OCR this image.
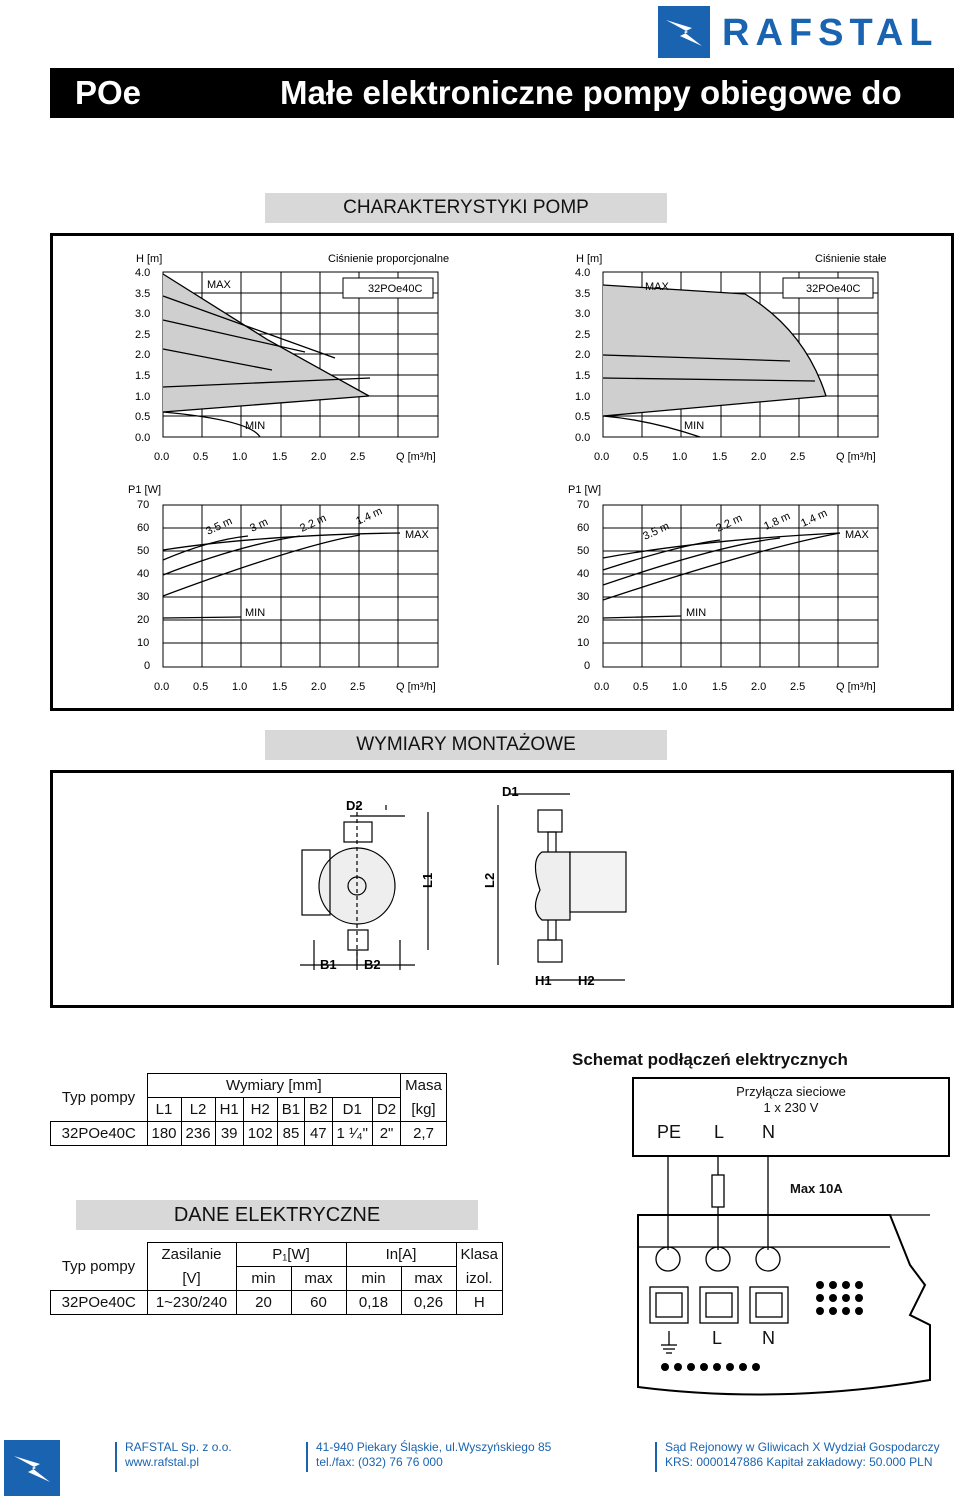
RAFSTAL
POe	Małe elektroniczne pompy obiegowe do c.o.
CHARAKTERYSTYKI POMP
32POe40C
MAX
MIN
H [m]	Ciśnienie proporcjonalne
4.0
3.5
3.0
2.5
2.0
1.5
1.0
0.5
0.0
0.0 0.5 1.0 1.5 2.0 2.5	Q [m³/h]
32POe40C
MAX
MIN
H [m]	Ciśnienie stałe
4.0
3.5
3.0
2.5
2.0
1.5
1.0
0.5
0.0
0.0 0.5 1.0 1.5 2.0 2.5	Q [m³/h]
3.5 m 3 m	2.2 m 1.4 m
MAX
MIN
P1 [W]
70
60
50
40
30
20
10
0
0.0 0.5 1.0 1.5 2.0 2.5	Q [m³/h]
3.5 m	2.2 m 1.8 m 1.4 m
MAX
MIN
P1 [W]
70
60
50
40
30
20
10
0
0.0 0.5 1.0 1.5 2.0 2.5	Q [m³/h]
WYMIARY MONTAŻOWE
D2
D1
L1	L2
B1 B2
H1 H2
Typ pompy	Wymiary [mm]								Masa
	L1	L2	H1	H2	B1	B2	D1	D2	[kg]
32POe40C	180	236	39	102	85	47	1 ¹⁄₄"	2"	2,7
DANE ELEKTRYCZNE
Typ pompy	Zasilanie	P₁[W]		In[A]		Klasa
	[V]	min	max	min	max	izol.
32POe40C	1~230/240	20	60	0,18	0,26	H
Schemat podłączeń elektrycznych
Przyłącza sieciowe
1 x 230 V
PE L N
Max 10A
L N
RAFSTAL Sp. z o.o.
www.rafstal.pl
41-940 Piekary Śląskie, ul.Wyszyńskiego 85
tel./fax: (032) 76 76 000
Sąd Rejonowy w Gliwicach X Wydział Gospodarczy
KRS: 0000147886 Kapitał zakładowy: 50.000 PLN
